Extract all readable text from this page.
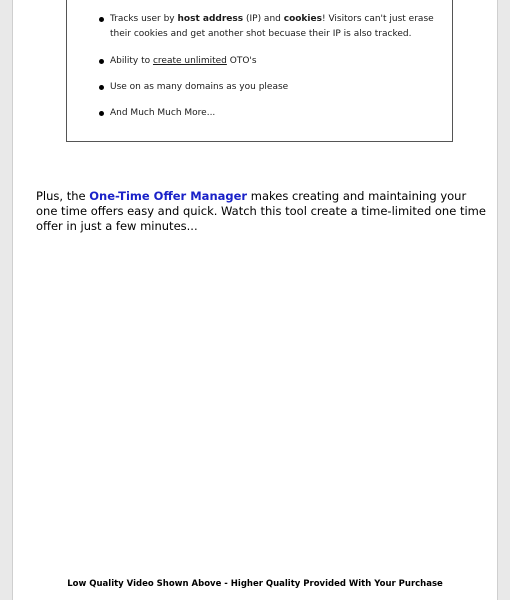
Tracks user by host address (IP) and cookies! Visitors can't just erase their cookies and get another shot becuase their IP is also tracked.
Ability to create unlimited OTO's
Use on as many domains as you please
And Much Much More...

Plus, the One-Time Offer Manager makes creating and maintaining your one time offers easy and quick. Watch this tool create a time-limited one time offer in just a few minutes...

Low Quality Video Shown Above - Higher Quality Provided With Your Purchase
